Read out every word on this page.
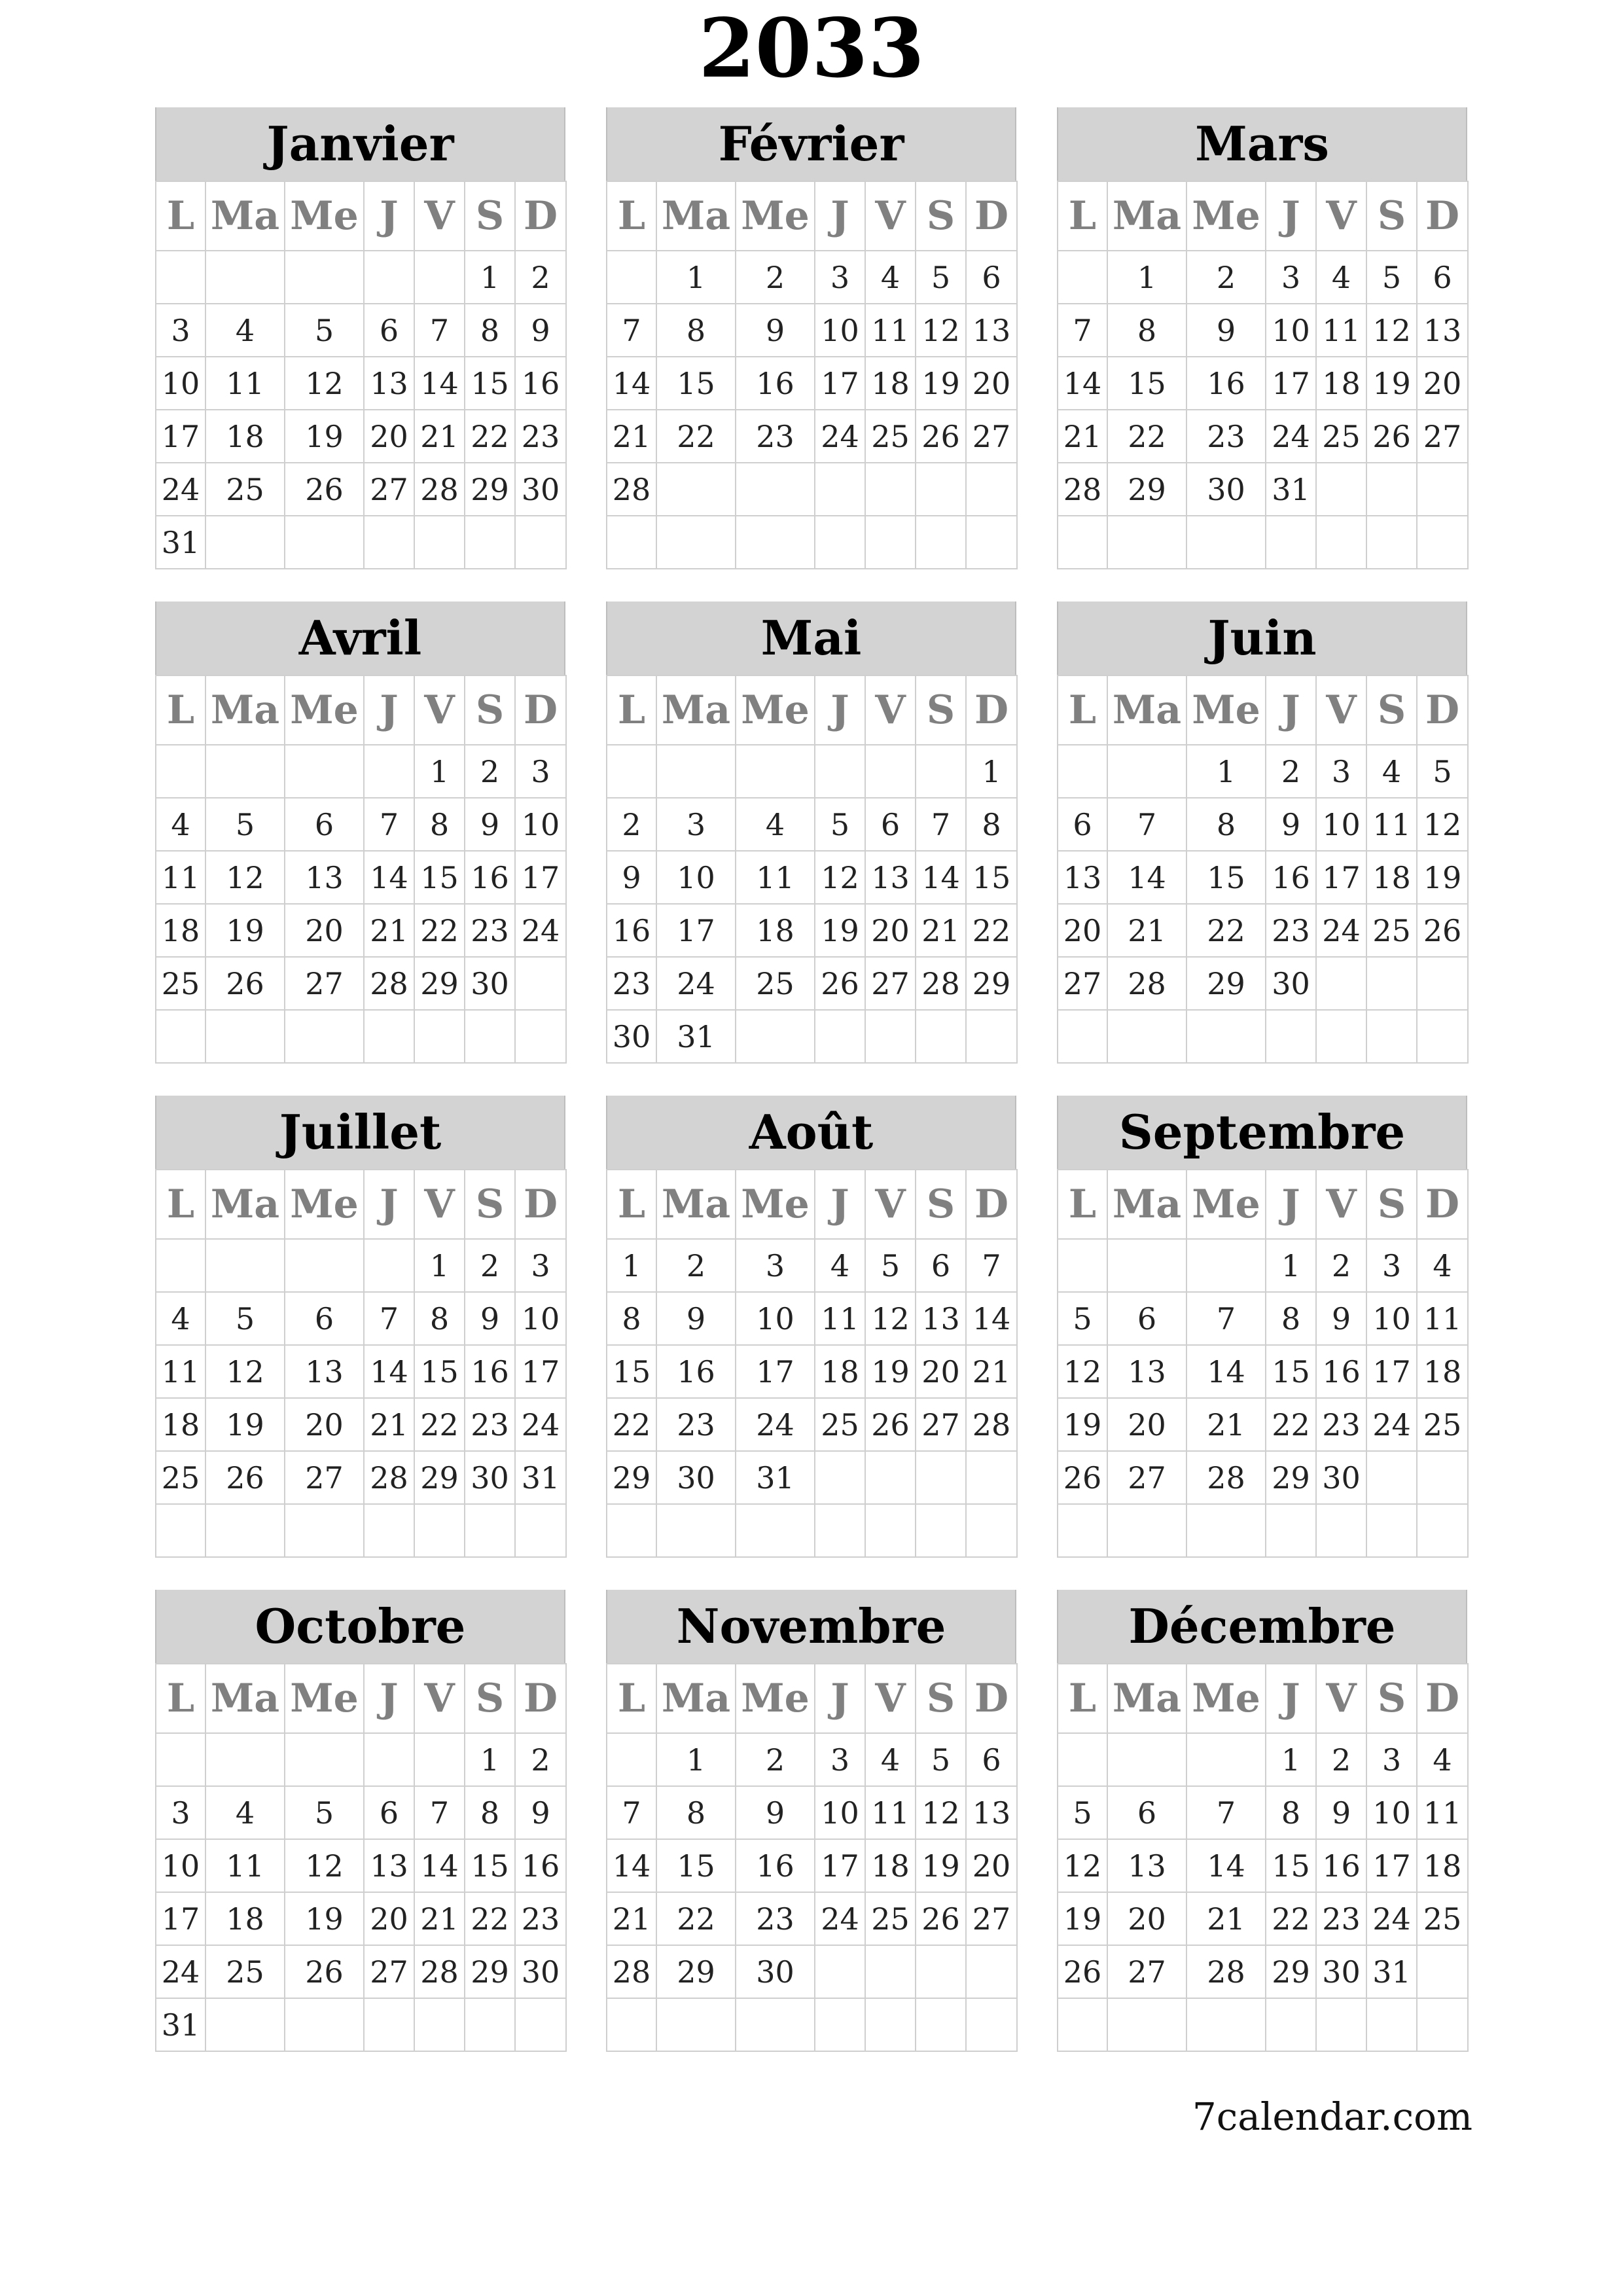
2033
Janvier
L	Ma	Me	J	V	S	D
					1	2
3	4	5	6	7	8	9
10	11	12	13	14	15	16
17	18	19	20	21	22	23
24	25	26	27	28	29	30
31						
Février
L	Ma	Me	J	V	S	D
	1	2	3	4	5	6
7	8	9	10	11	12	13
14	15	16	17	18	19	20
21	22	23	24	25	26	27
28						

Mars
L	Ma	Me	J	V	S	D
	1	2	3	4	5	6
7	8	9	10	11	12	13
14	15	16	17	18	19	20
21	22	23	24	25	26	27
28	29	30	31			

Avril
L	Ma	Me	J	V	S	D
				1	2	3
4	5	6	7	8	9	10
11	12	13	14	15	16	17
18	19	20	21	22	23	24
25	26	27	28	29	30	

Mai
L	Ma	Me	J	V	S	D
						1
2	3	4	5	6	7	8
9	10	11	12	13	14	15
16	17	18	19	20	21	22
23	24	25	26	27	28	29
30	31					
Juin
L	Ma	Me	J	V	S	D
		1	2	3	4	5
6	7	8	9	10	11	12
13	14	15	16	17	18	19
20	21	22	23	24	25	26
27	28	29	30			

Juillet
L	Ma	Me	J	V	S	D
				1	2	3
4	5	6	7	8	9	10
11	12	13	14	15	16	17
18	19	20	21	22	23	24
25	26	27	28	29	30	31

Août
L	Ma	Me	J	V	S	D
1	2	3	4	5	6	7
8	9	10	11	12	13	14
15	16	17	18	19	20	21
22	23	24	25	26	27	28
29	30	31				

Septembre
L	Ma	Me	J	V	S	D
			1	2	3	4
5	6	7	8	9	10	11
12	13	14	15	16	17	18
19	20	21	22	23	24	25
26	27	28	29	30		

Octobre
L	Ma	Me	J	V	S	D
					1	2
3	4	5	6	7	8	9
10	11	12	13	14	15	16
17	18	19	20	21	22	23
24	25	26	27	28	29	30
31						
Novembre
L	Ma	Me	J	V	S	D
	1	2	3	4	5	6
7	8	9	10	11	12	13
14	15	16	17	18	19	20
21	22	23	24	25	26	27
28	29	30				

Décembre
L	Ma	Me	J	V	S	D
			1	2	3	4
5	6	7	8	9	10	11
12	13	14	15	16	17	18
19	20	21	22	23	24	25
26	27	28	29	30	31	

7calendar.com
